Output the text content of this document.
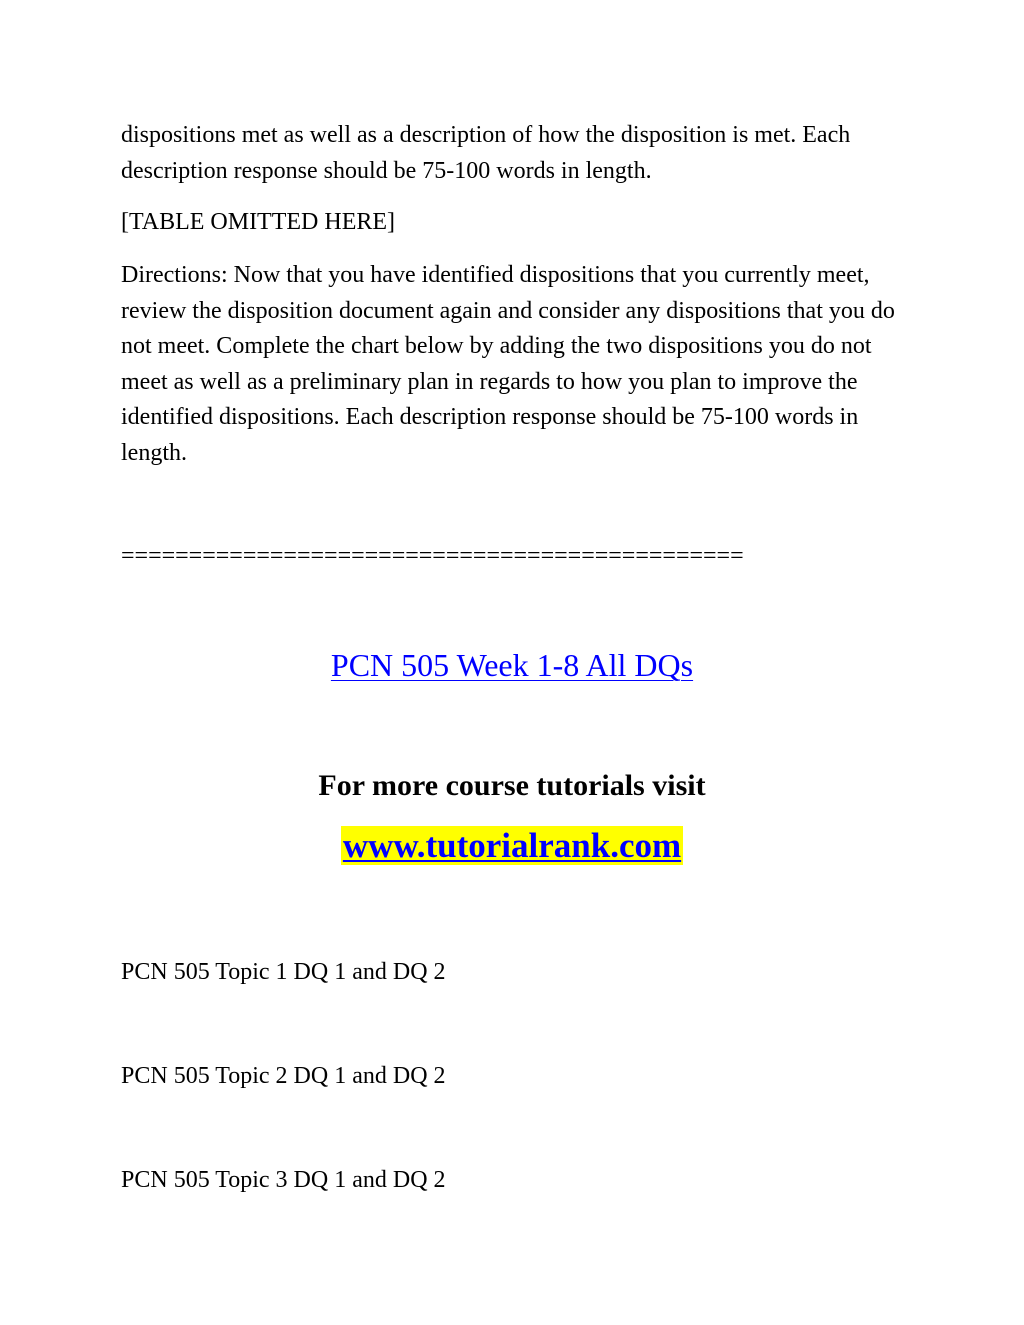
dispositions met as well as a description of how the disposition is met. Each description response should be 75-100 words in length.

[TABLE OMITTED HERE]

Directions: Now that you have identified dispositions that you currently meet, review the disposition document again and consider any dispositions that you do not meet. Complete the chart below by adding the two dispositions you do not meet as well as a preliminary plan in regards to how you plan to improve the identified dispositions. Each description response should be 75-100 words in length.

==============================================

PCN 505 Week 1-8 All DQs

For more course tutorials visit

www.tutorialrank.com

PCN 505 Topic 1 DQ 1 and DQ 2

PCN 505 Topic 2 DQ 1 and DQ 2

PCN 505 Topic 3 DQ 1 and DQ 2
